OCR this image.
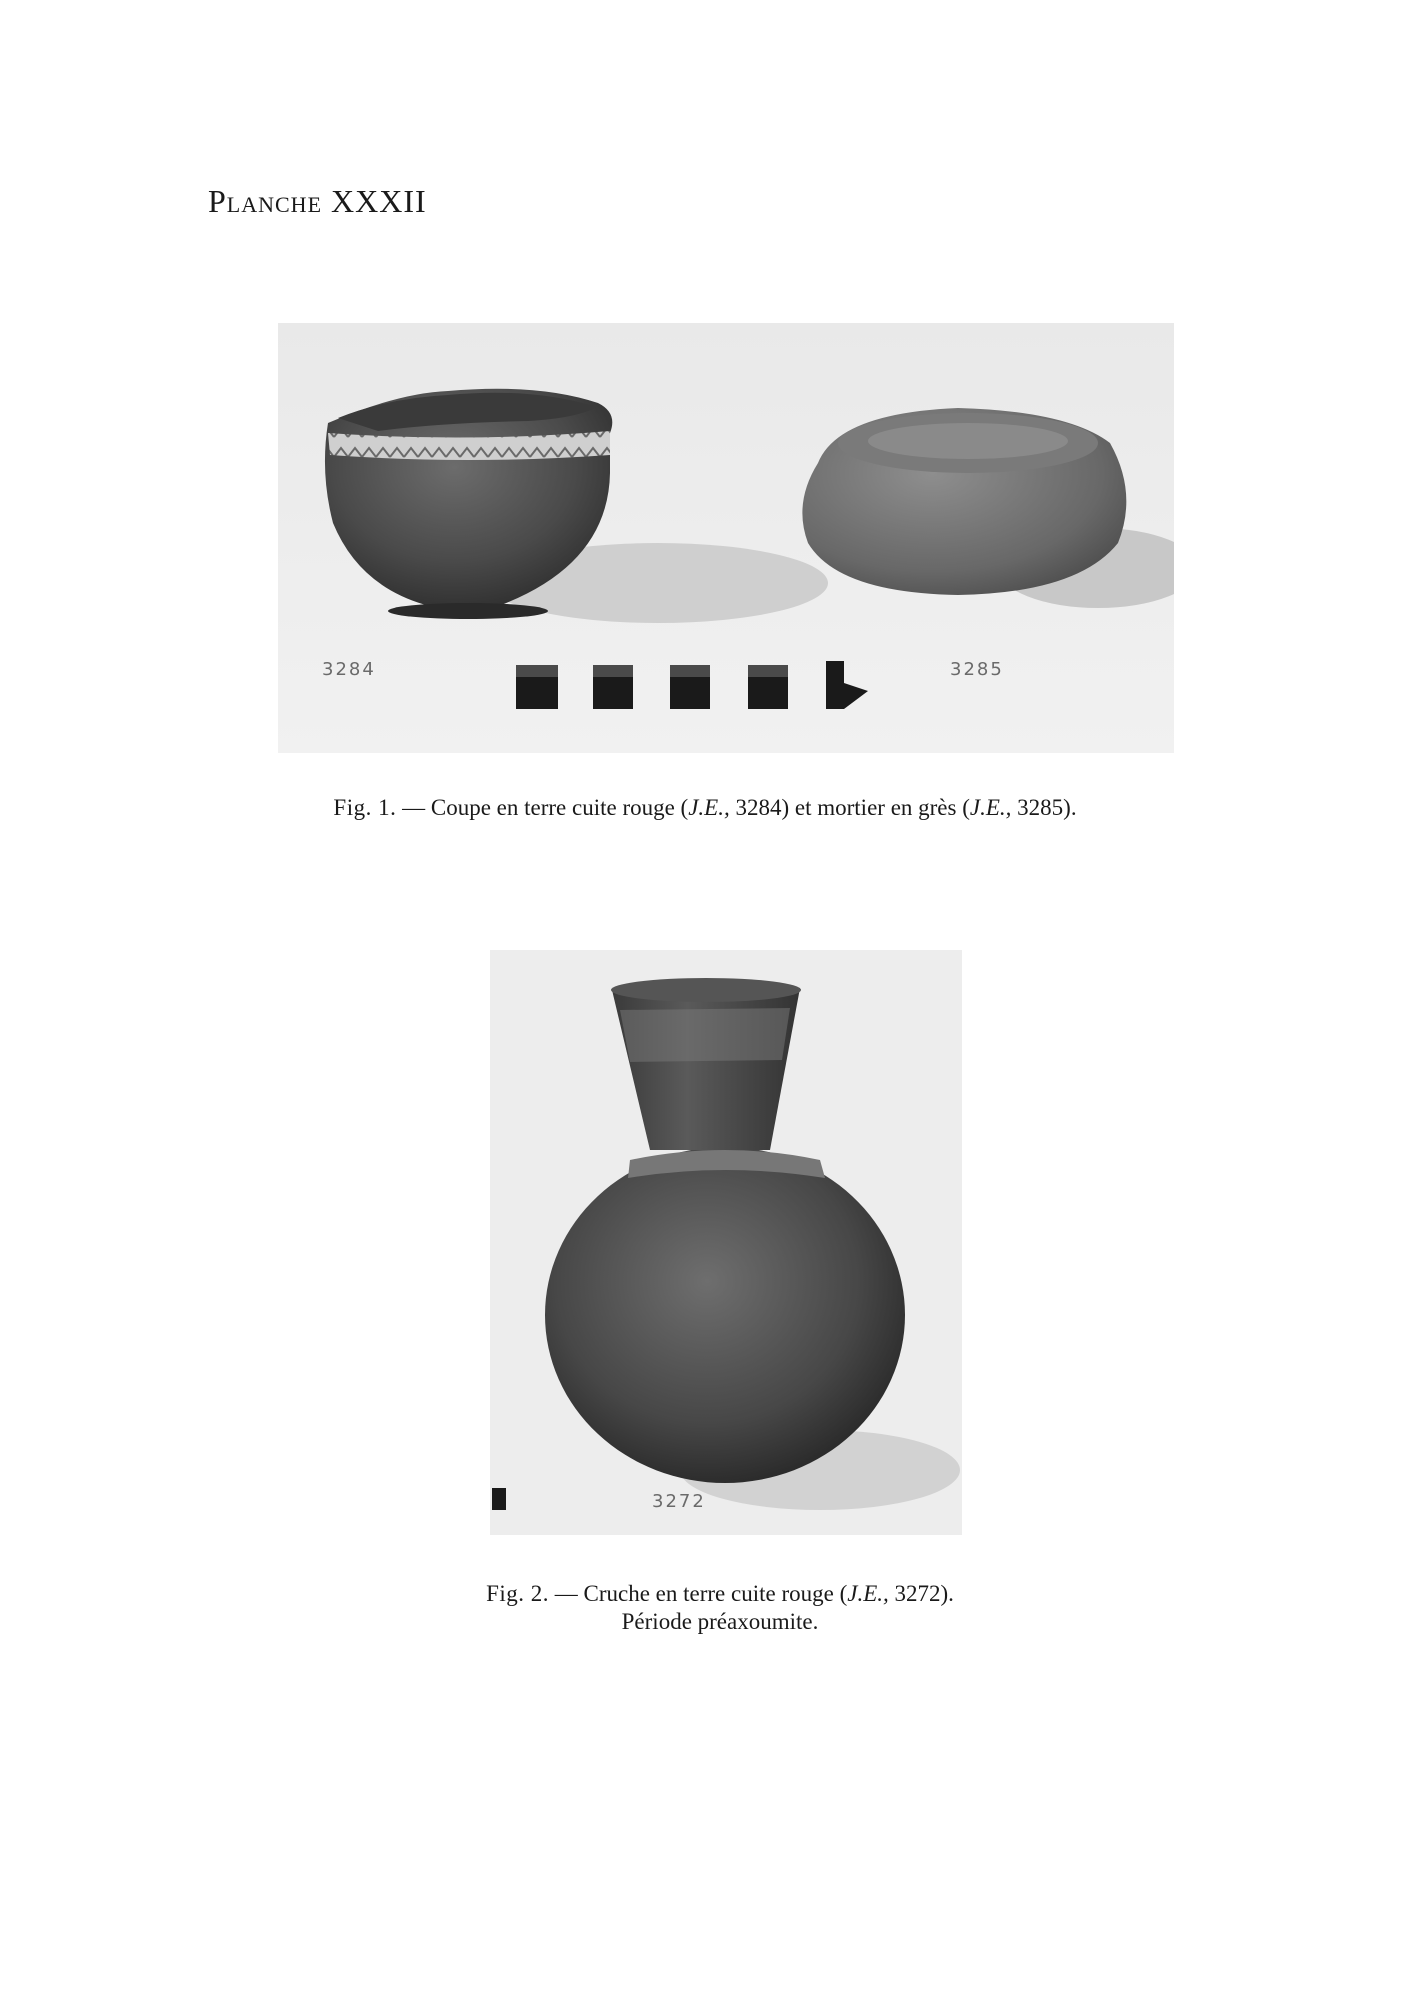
Planche XXXII
3284	3285
Fig. 1. — Coupe en terre cuite rouge (J.E., 3284) et mortier en grès (J.E., 3285).
3272
Fig. 2. — Cruche en terre cuite rouge (J.E., 3272).
Période préaxoumite.
